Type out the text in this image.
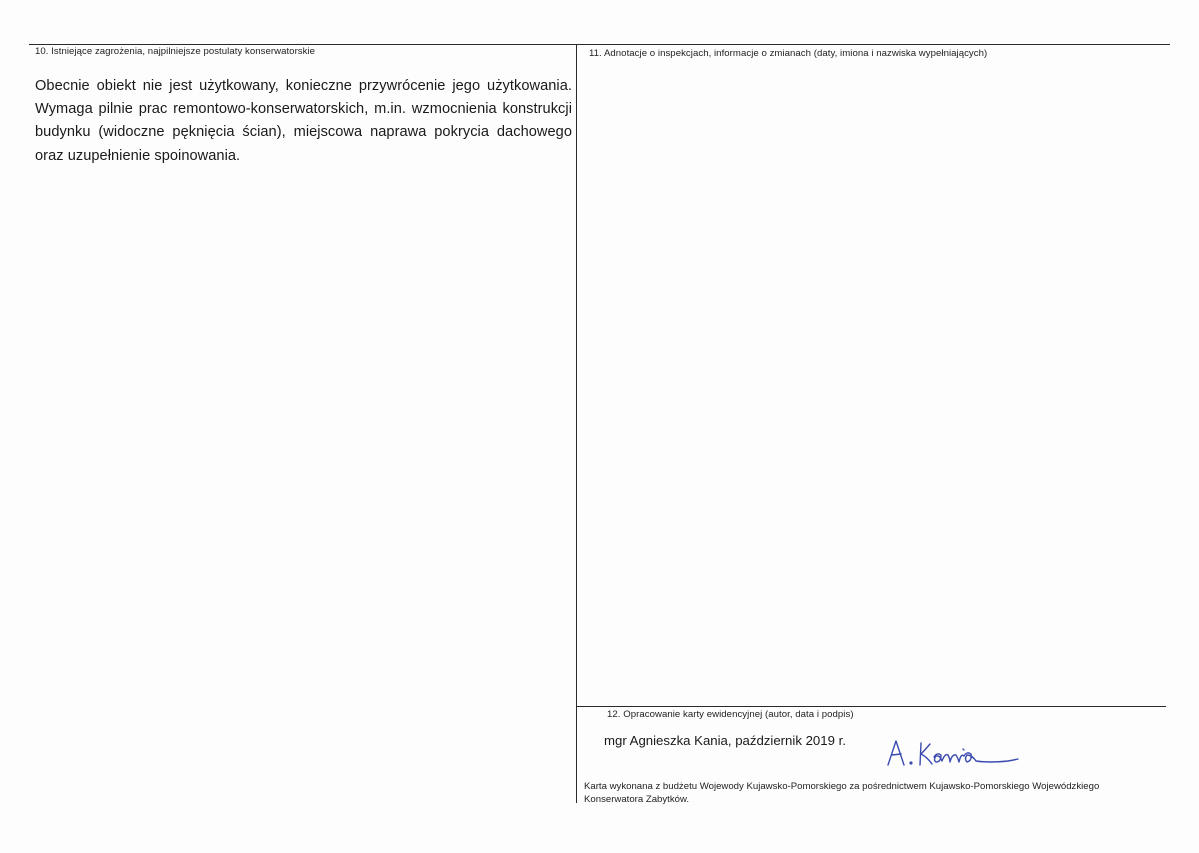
10. Istniejące zagrożenia, najpilniejsze postulaty konserwatorskie
Obecnie obiekt nie jest użytkowany, konieczne przywrócenie jego użytkowania. Wymaga pilnie prac remontowo-konserwatorskich, m.in. wzmocnienia konstrukcji budynku (widoczne pęknięcia ścian), miejscowa naprawa pokrycia dachowego oraz uzupełnienie spoinowania.
11. Adnotacje o inspekcjach, informacje o zmianach (daty, imiona i nazwiska wypełniających)
12. Opracowanie karty ewidencyjnej (autor, data i podpis)
mgr Agnieszka Kania, październik 2019 r.
Karta wykonana z budżetu Wojewody Kujawsko-Pomorskiego za pośrednictwem Kujawsko-Pomorskiego Wojewódzkiego Konserwatora Zabytków.
